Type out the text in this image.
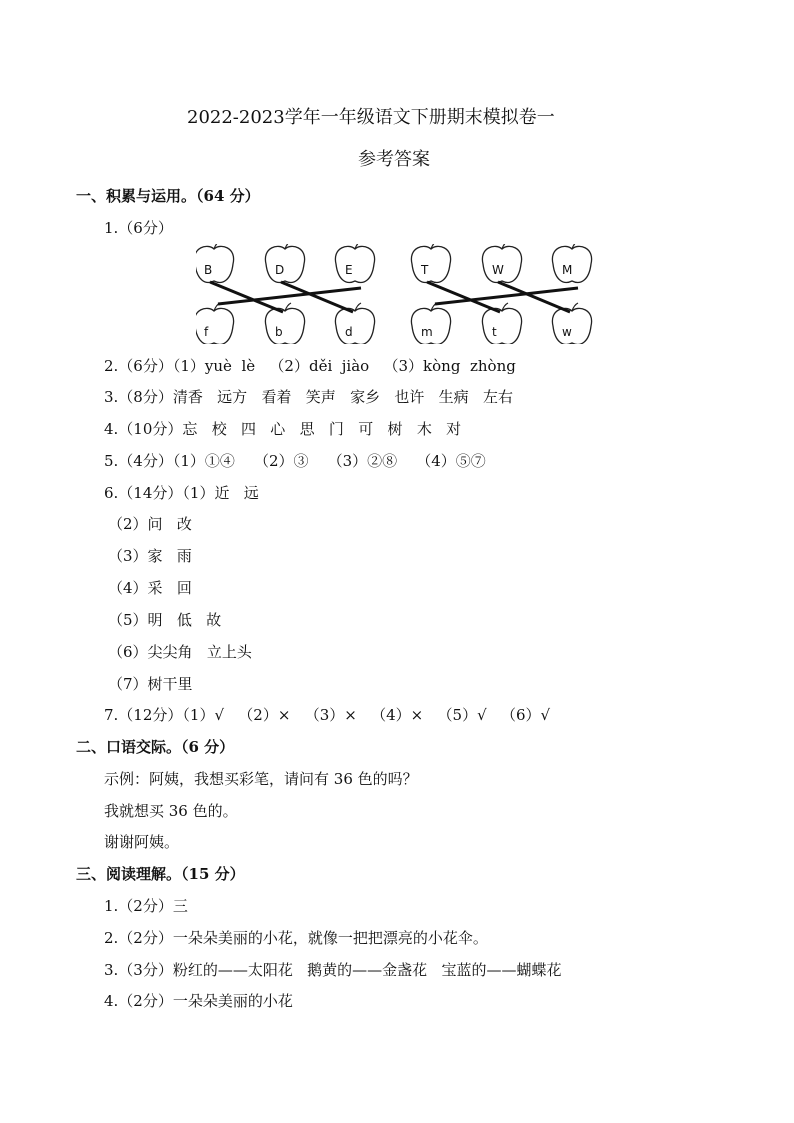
2022-2023学年一年级语文下册期末模拟卷一
参考答案
一、积累与运用。（64 分）
1.（6分）
B	D	E	T	W	M
f	b	d	m	t	w
2.（6分）（1）yuè  lè   （2）děi  jiào   （3）kòng  zhòng
3.（8分）清香   远方   看着   笑声   家乡   也许   生病   左右
4.（10分）忘   校   四   心   思   门   可   树   木   对
5.（4分）（1）①④    （2）③    （3）②⑧    （4）⑤⑦
6.（14分）（1）近   远
（2）问   改
（3）家   雨
（4）采   回
（5）明   低   故
（6）尖尖角   立上头
（7）树干里
7.（12分）（1）√   （2）×   （3）×   （4）×   （5）√   （6）√
二、口语交际。（6 分）
示例：阿姨，我想买彩笔，请问有 36 色的吗？
我就想买 36 色的。
谢谢阿姨。
三、阅读理解。（15 分）
1.（2分）三
2.（2分）一朵朵美丽的小花，就像一把把漂亮的小花伞。
3.（3分）粉红的——太阳花   鹅黄的——金盏花   宝蓝的——蝴蝶花
4.（2分）一朵朵美丽的小花
